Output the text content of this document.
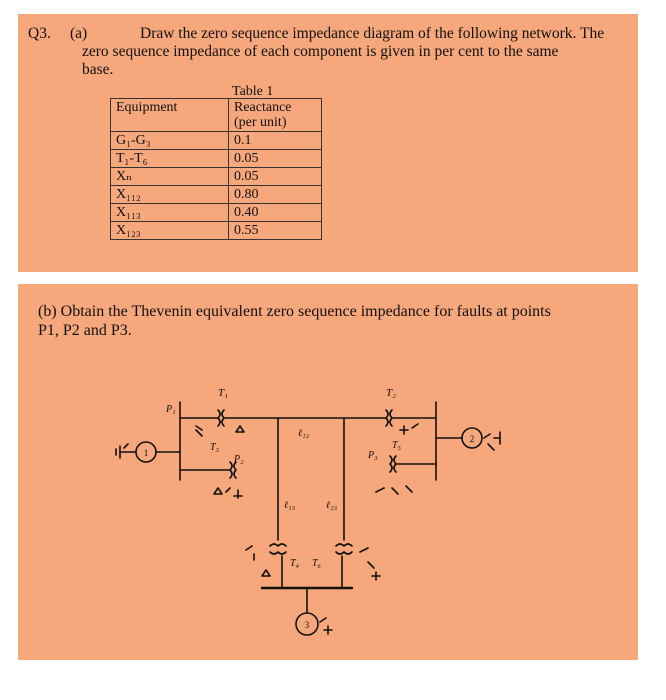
Q3. (a)	Draw the zero sequence impedance diagram of the following network. The
zero sequence impedance of each component is given in per cent to the same
base.
Table 1
Equipment	Reactance
(per unit)

G₁-G₃	0.1
T₁-T₆	0.05
Xₙ	0.05
X₁₁₂	0.80
X₁₁₃	0.40
X₁₂₃	0.55
(b) Obtain the Thevenin equivalent zero sequence impedance for faults at points
P1, P2 and P3.
1
T₁
P₁
ℓ₁₂
T₂
2
T₃
P₂
ℓ₁₃	ℓ₂₃
T₅
P₃
T₄ T₆
3
